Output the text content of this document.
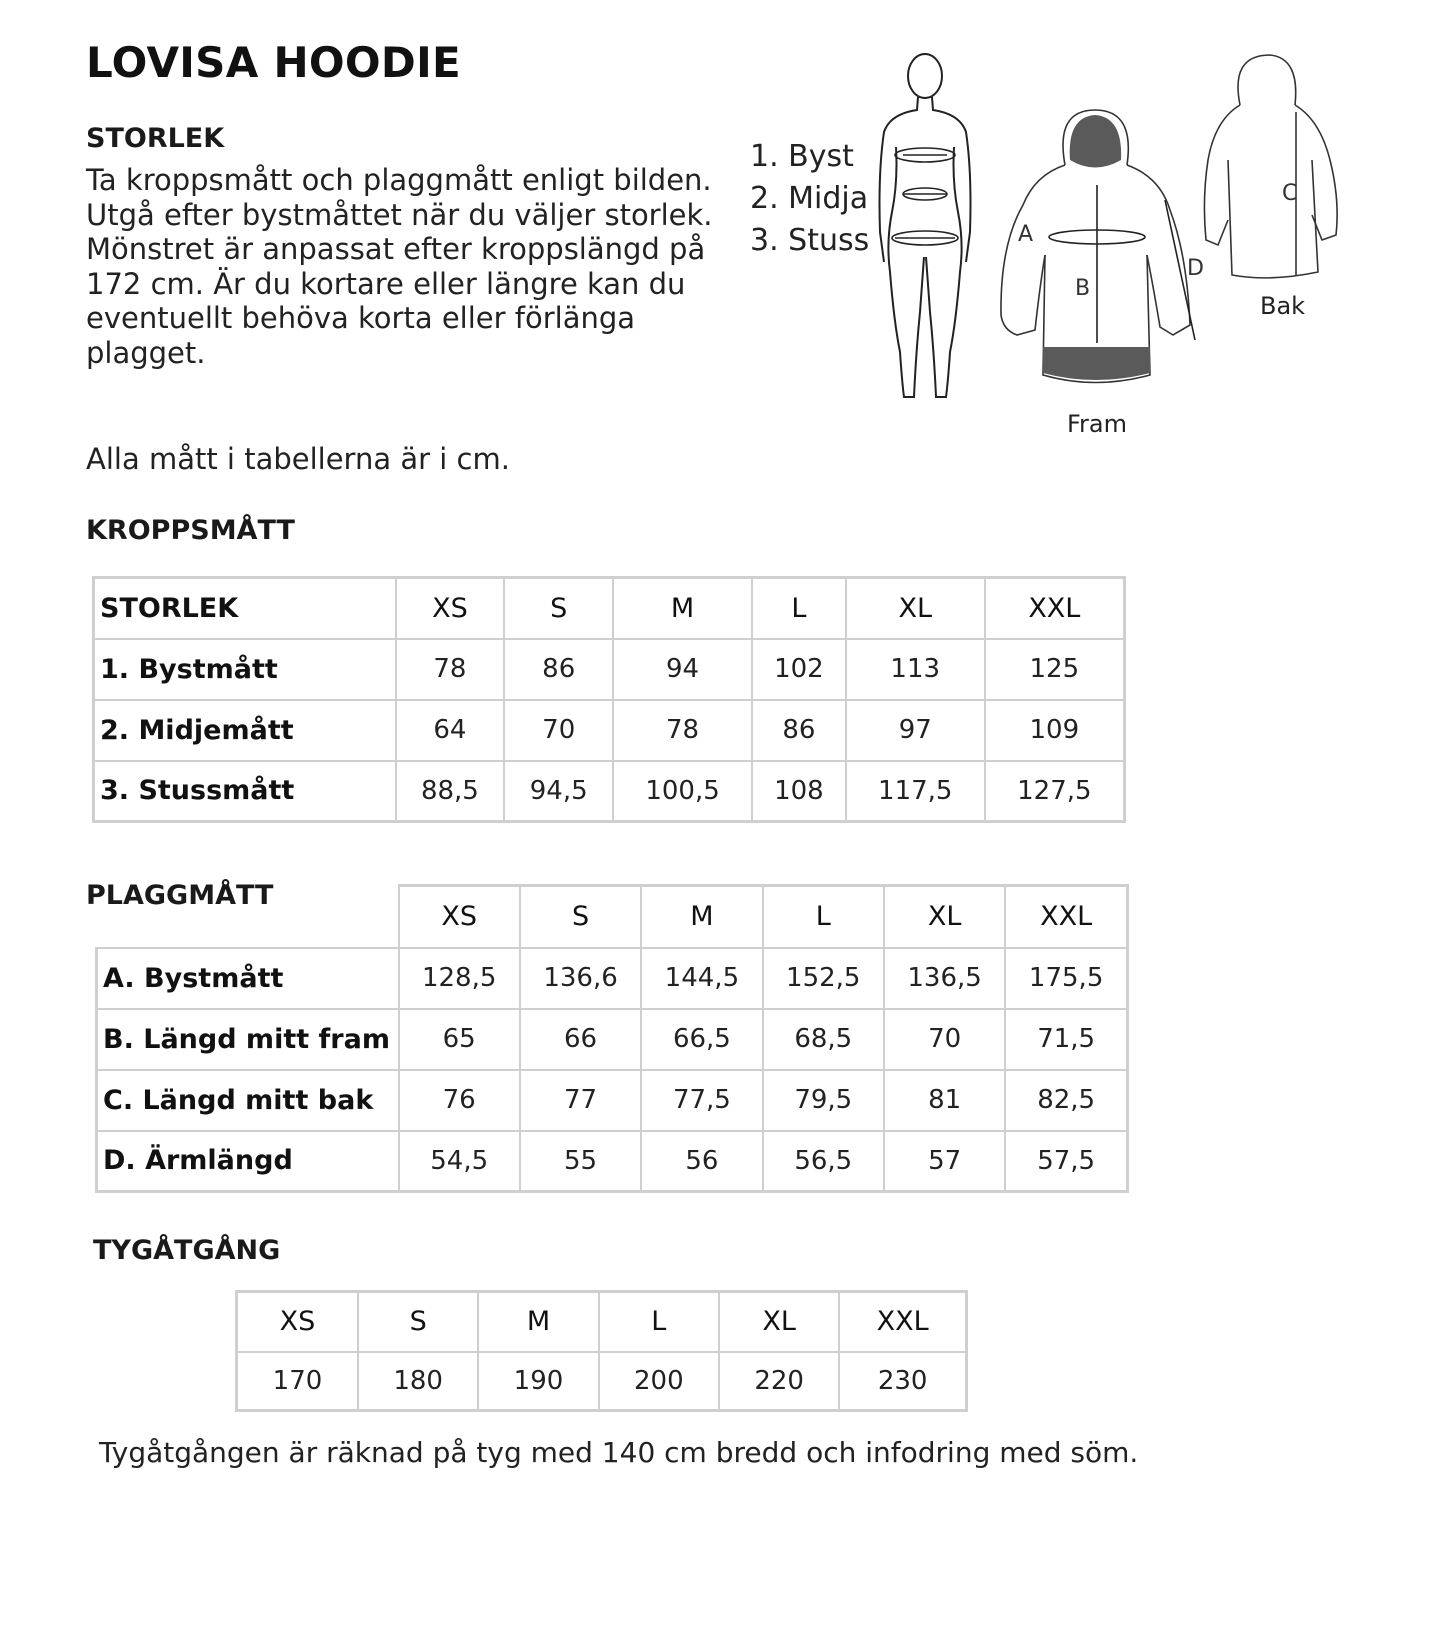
LOVISA HOODIE
STORLEK

Ta kroppsmått och plaggmått enligt bilden. Utgå efter bystmåttet när du väljer storlek.

Mönstret är anpassat efter kroppslängd på 172 cm. Är du kortare eller längre kan du eventuellt behöva korta eller förlänga plagget.

Alla mått i tabellerna är i cm.

1. Byst
2. Midja
3. Stuss	A
B
D
Fram
C
Bak
KROPPSMÅTT
STORLEK	XS	S	M	L	XL	XXL
1. Bystmått	78	86	94	102	113	125
2. Midjemått	64	70	78	86	97	109
3. Stussmått	88,5	94,5	100,5	108	117,5	127,5
PLAGGMÅTT
	XS	S	M	L	XL	XXL
A. Bystmått	128,5	136,6	144,5	152,5	136,5	175,5
B. Längd mitt fram	65	66	66,5	68,5	70	71,5
C. Längd mitt bak	76	77	77,5	79,5	81	82,5
D. Ärmlängd	54,5	55	56	56,5	57	57,5
TYGÅTGÅNG
XS	S	M	L	XL	XXL
170	180	190	200	220	230

Tygåtgången är räknad på tyg med 140 cm bredd och infodring med söm.
